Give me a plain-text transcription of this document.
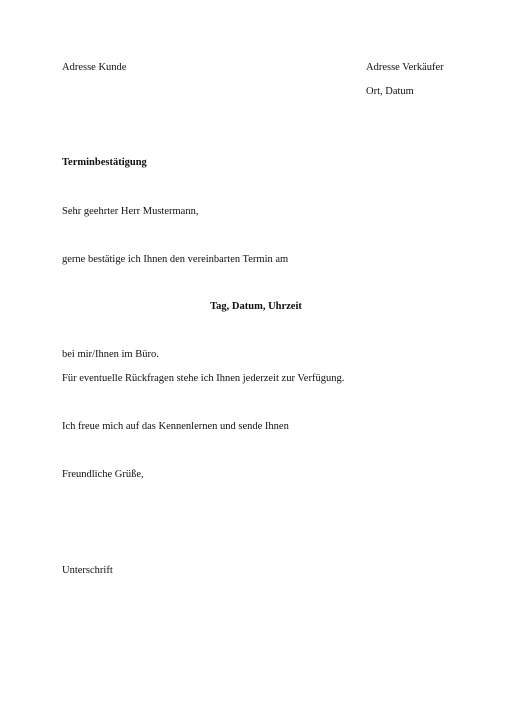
Adresse Kunde	Adresse Verkäufer
Ort, Datum
Terminbestätigung
Sehr geehrter Herr Mustermann,
gerne bestätige ich Ihnen den vereinbarten Termin am
Tag, Datum, Uhrzeit
bei mir/Ihnen im Büro.
Für eventuelle Rückfragen stehe ich Ihnen jederzeit zur Verfügung.
Ich freue mich auf das Kennenlernen und sende Ihnen
Freundliche Grüße,
Unterschrift
